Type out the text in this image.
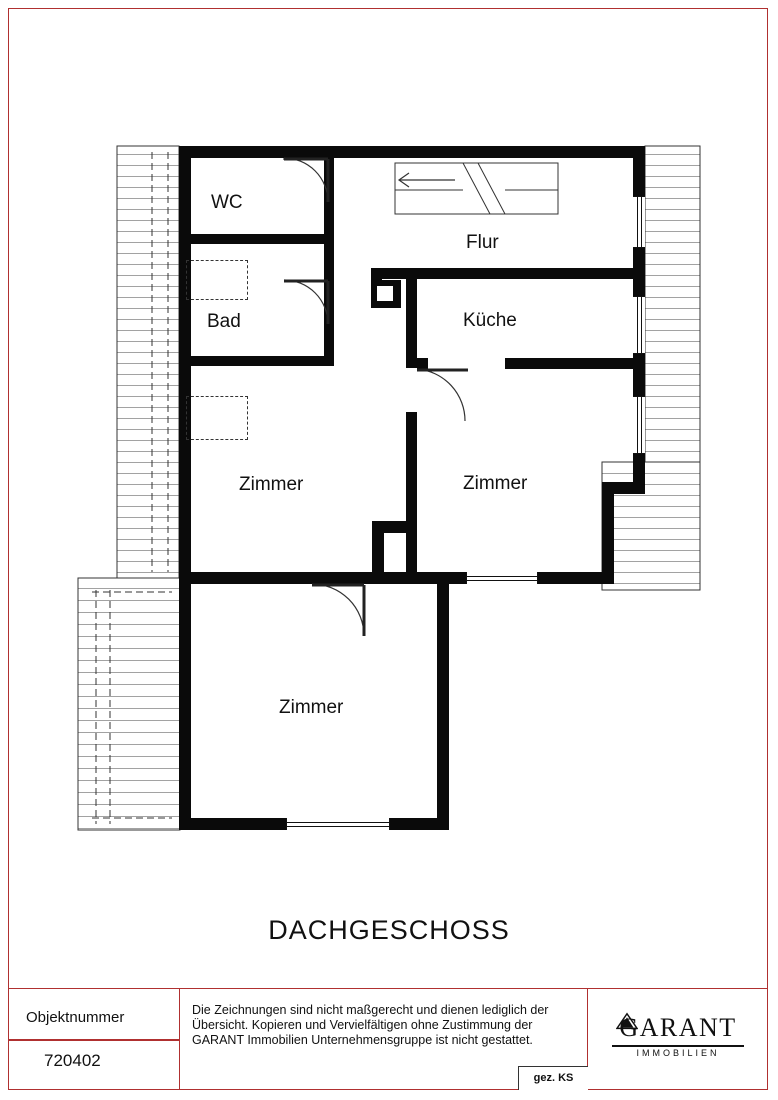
WC
Flur
Bad	Küche
Zimmer	Zimmer
Zimmer
DACHGESCHOSS
Objektnummer
720402
Die Zeichnungen sind nicht maßgerecht und dienen lediglich der Übersicht. Kopieren und Vervielfältigen ohne Zustimmung der GARANT Immobilien Unternehmensgruppe ist nicht gestattet.
gez. KS
GARANT
IMMOBILIEN
